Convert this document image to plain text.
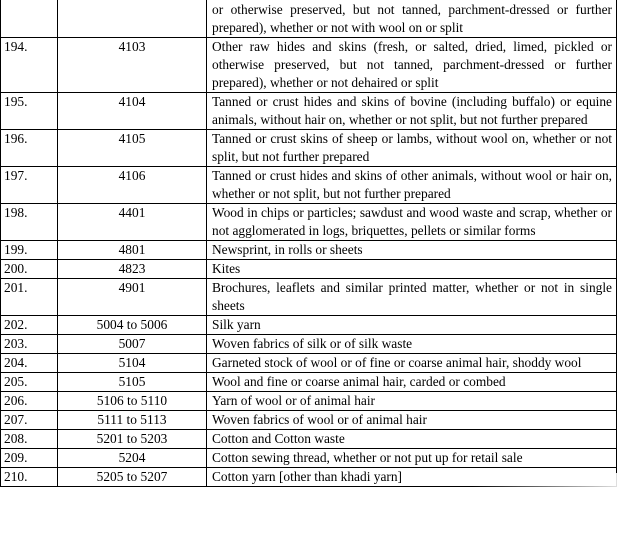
		or otherwise preserved, but not tanned, parchment-dressed or further prepared), whether or not with wool on or split

194.	4103	Other raw hides and skins (fresh, or salted, dried, limed, pickled or otherwise preserved, but not tanned, parchment-dressed or further prepared), whether or not dehaired or split
195.	4104	Tanned or crust hides and skins of bovine (including buffalo) or equine animals, without hair on, whether or not split, but not further prepared
196.	4105	Tanned or crust skins of sheep or lambs, without wool on, whether or not split, but not further prepared
197.	4106	Tanned or crust hides and skins of other animals, without wool or hair on, whether or not split, but not further prepared
198.	4401	Wood in chips or particles; sawdust and wood waste and scrap, whether or not agglomerated in logs, briquettes, pellets or similar forms
199.	4801	Newsprint, in rolls or sheets
200.	4823	Kites
201.	4901	Brochures, leaflets and similar printed matter, whether or not in single sheets
202.	5004 to 5006	Silk yarn
203.	5007	Woven fabrics of silk or of silk waste
204.	5104	Garneted stock of wool or of fine or coarse animal hair, shoddy wool
205.	5105	Wool and fine or coarse animal hair, carded or combed
206.	5106 to 5110	Yarn of wool or of animal hair
207.	5111 to 5113	Woven fabrics of wool or of animal hair
208.	5201 to 5203	Cotton and Cotton waste
209.	5204	Cotton sewing thread, whether or not put up for retail sale
210.	5205 to 5207	Cotton yarn [other than khadi yarn]
